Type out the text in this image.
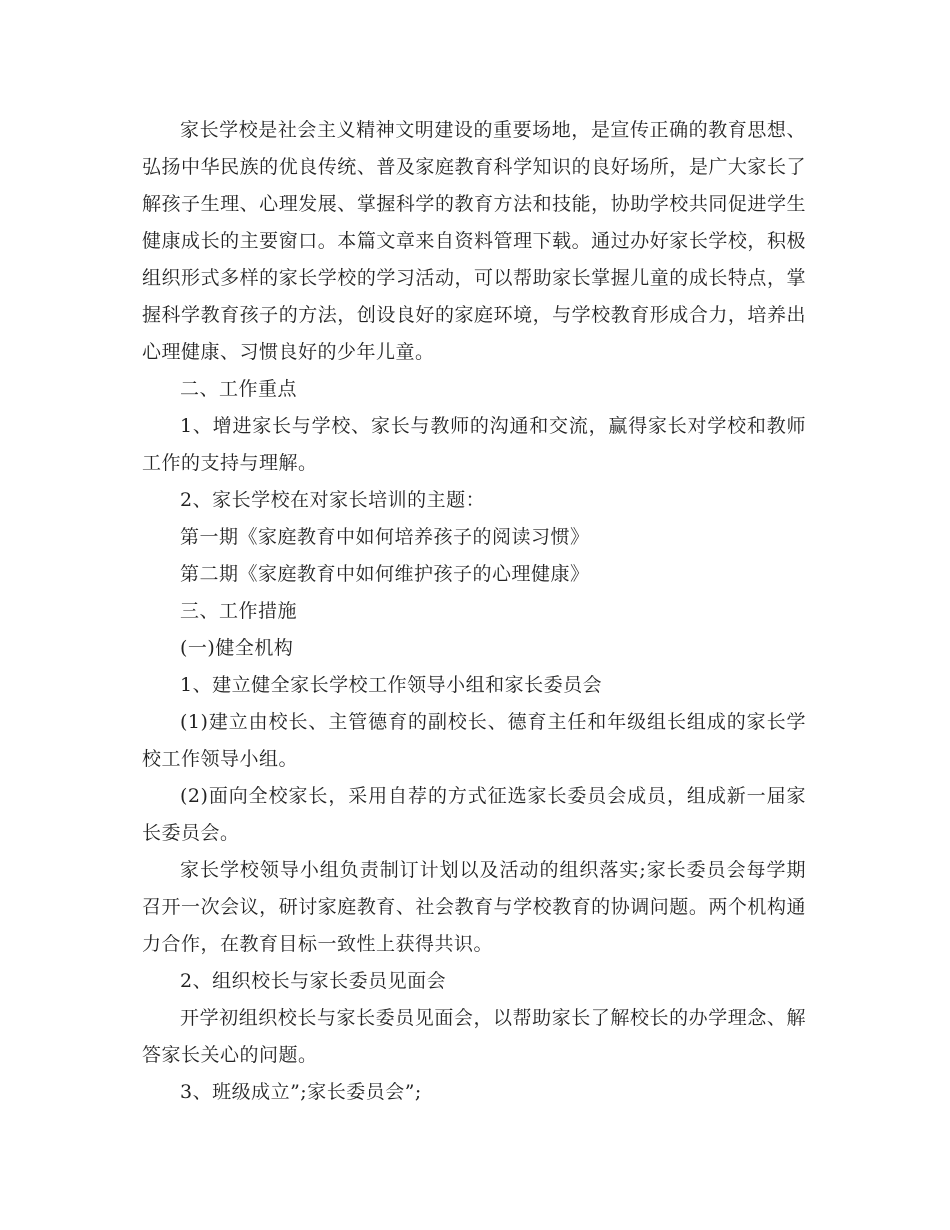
家长学校是社会主义精神文明建设的重要场地，是宣传正确的教育思想、弘扬中华民族的优良传统、普及家庭教育科学知识的良好场所，是广大家长了解孩子生理、心理发展、掌握科学的教育方法和技能，协助学校共同促进学生健康成长的主要窗口。本篇文章来自资料管理下载。通过办好家长学校，积极组织形式多样的家长学校的学习活动，可以帮助家长掌握儿童的成长特点，掌握科学教育孩子的方法，创设良好的家庭环境，与学校教育形成合力，培养出心理健康、习惯良好的少年儿童。

二、工作重点

1、增进家长与学校、家长与教师的沟通和交流，赢得家长对学校和教师工作的支持与理解。

2、家长学校在对家长培训的主题：

第一期《家庭教育中如何培养孩子的阅读习惯》

第二期《家庭教育中如何维护孩子的心理健康》

三、工作措施

(一)健全机构

1、建立健全家长学校工作领导小组和家长委员会

(1)建立由校长、主管德育的副校长、德育主任和年级组长组成的家长学校工作领导小组。

(2)面向全校家长，采用自荐的方式征选家长委员会成员，组成新一届家长委员会。

家长学校领导小组负责制订计划以及活动的组织落实;家长委员会每学期召开一次会议，研讨家庭教育、社会教育与学校教育的协调问题。两个机构通力合作，在教育目标一致性上获得共识。

2、组织校长与家长委员见面会

开学初组织校长与家长委员见面会，以帮助家长了解校长的办学理念、解答家长关心的问题。

3、班级成立”;家长委员会”;
